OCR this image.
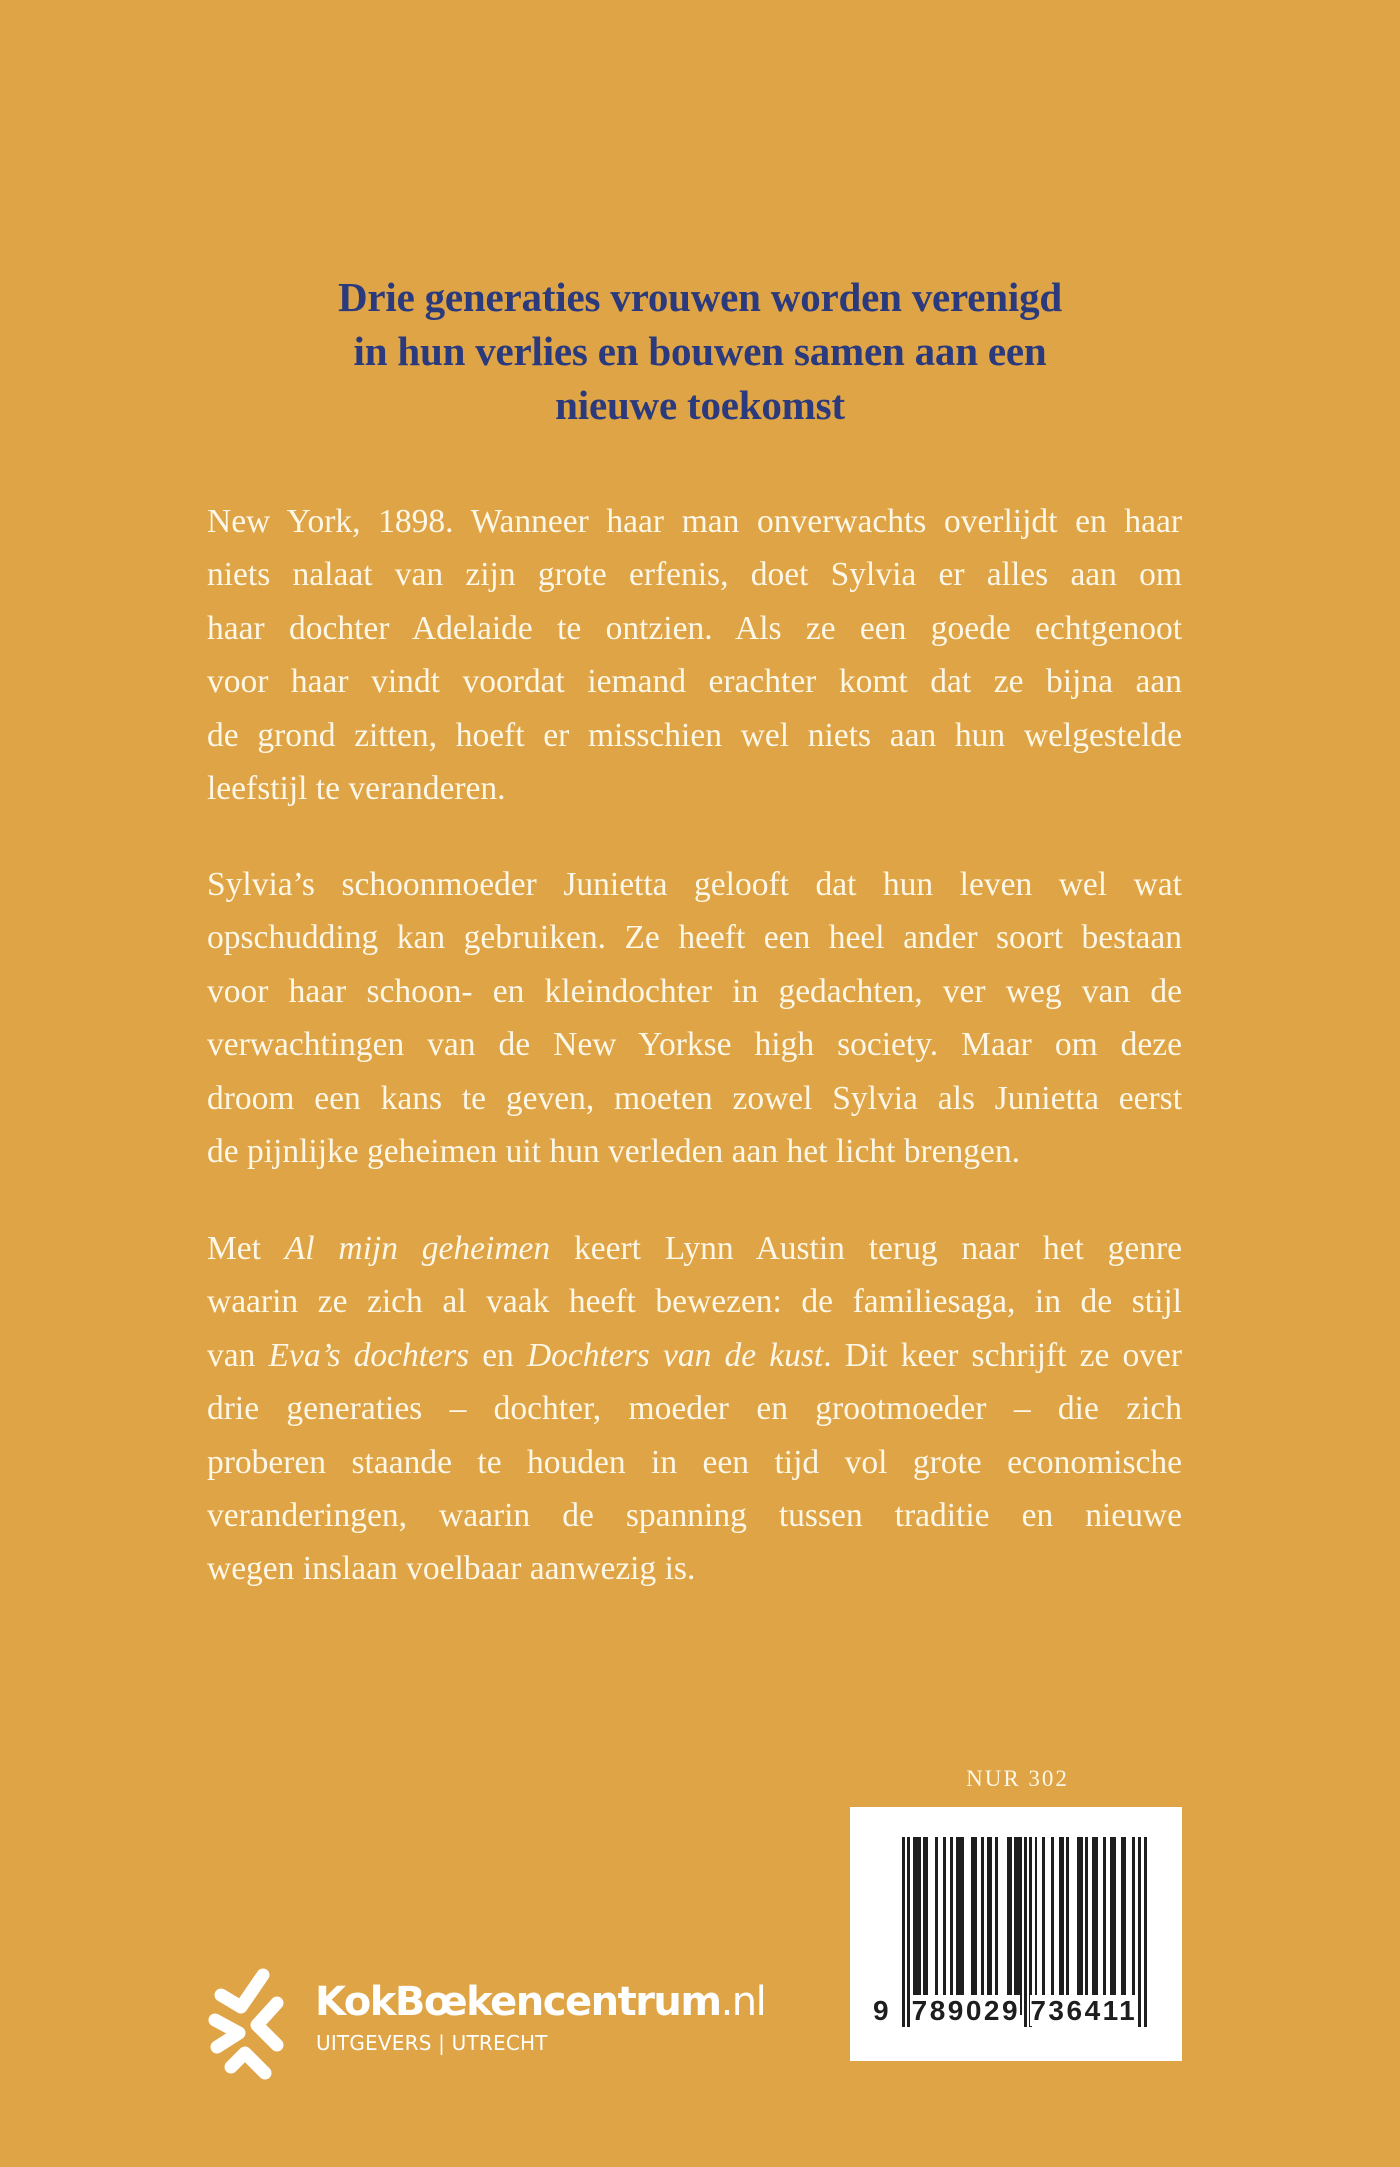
Drie generaties vrouwen worden verenigd
in hun verlies en bouwen samen aan een
nieuwe toekomst
New York, 1898. Wanneer haar man onverwachts overlijdt en haar
niets nalaat van zijn grote erfenis, doet Sylvia er alles aan om
haar dochter Adelaide te ontzien. Als ze een goede echtgenoot
voor haar vindt voordat iemand erachter komt dat ze bijna aan
de grond zitten, hoeft er misschien wel niets aan hun welgestelde
leefstijl te veranderen.
Sylvia’s schoonmoeder Junietta gelooft dat hun leven wel wat
opschudding kan gebruiken. Ze heeft een heel ander soort bestaan
voor haar schoon- en kleindochter in gedachten, ver weg van de
verwachtingen van de New Yorkse high society. Maar om deze
droom een kans te geven, moeten zowel Sylvia als Junietta eerst
de pijnlijke geheimen uit hun verleden aan het licht brengen.
Met Al mijn geheimen keert Lynn Austin terug naar het genre
waarin ze zich al vaak heeft bewezen: de familiesaga, in de stijl
van Eva’s dochters en Dochters van de kust. Dit keer schrijft ze over
drie generaties – dochter, moeder en grootmoeder – die zich
proberen staande te houden in een tijd vol grote economische
veranderingen, waarin de spanning tussen traditie en nieuwe
wegen inslaan voelbaar aanwezig is.
NUR 302
9 789029 736411
KokBœkencentrum.nl
UITGEVERS | UTRECHT
